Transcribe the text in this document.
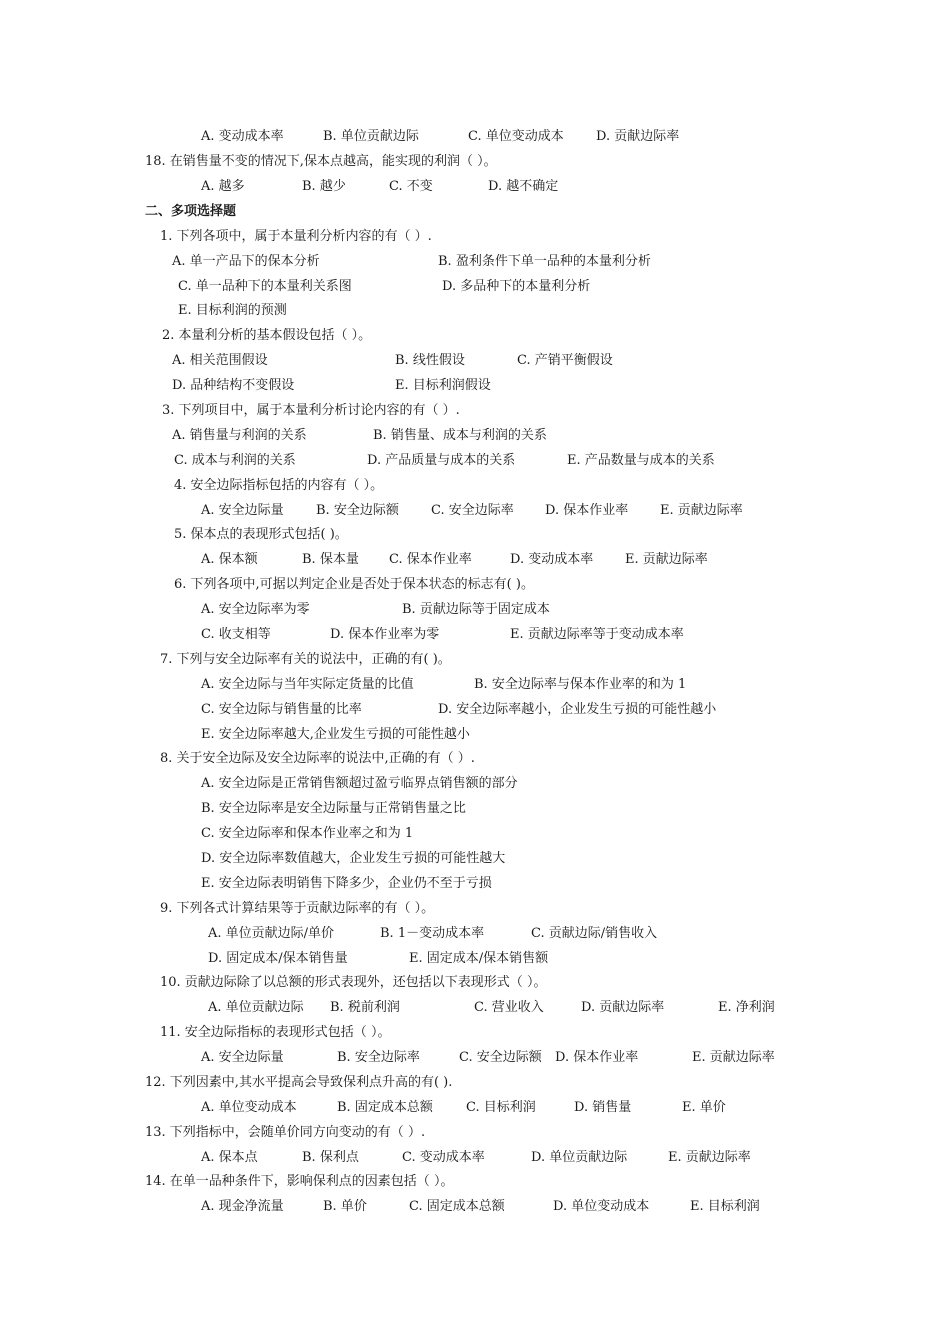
A. 变动成本率	B. 单位贡献边际	C. 单位变动成本 D. 贡献边际率
18. 在销售量不变的情况下,保本点越高，能实现的利润（ ）。
A. 越多	B. 越少	C. 不变	D. 越不确定
二、多项选择题
1. 下列各项中，属于本量利分析内容的有（ ）.
A. 单一产品下的保本分析	B. 盈利条件下单一品种的本量利分析
C. 单一品种下的本量利关系图	D. 多品种下的本量利分析
E. 目标利润的预测
2. 本量利分析的基本假设包括（ ）。
A. 相关范围假设	B. 线性假设	C. 产销平衡假设
D. 品种结构不变假设	E. 目标利润假设
3. 下列项目中，属于本量利分析讨论内容的有（ ）.
A. 销售量与利润的关系	B. 销售量、成本与利润的关系
C. 成本与利润的关系	D. 产品质量与成本的关系	E. 产品数量与成本的关系
4. 安全边际指标包括的内容有（ ）。
A. 安全边际量 B. 安全边际额 C. 安全边际率 D. 保本作业率 E. 贡献边际率
5. 保本点的表现形式包括( )。
A. 保本额	B. 保本量 C. 保本作业率	D. 变动成本率 E. 贡献边际率
6. 下列各项中,可据以判定企业是否处于保本状态的标志有( )。
A. 安全边际率为零	B. 贡献边际等于固定成本
C. 收支相等	D. 保本作业率为零	E. 贡献边际率等于变动成本率
7. 下列与安全边际率有关的说法中，正确的有( )。
A. 安全边际与当年实际定货量的比值	B. 安全边际率与保本作业率的和为 1
C. 安全边际与销售量的比率	D. 安全边际率越小，企业发生亏损的可能性越小
E. 安全边际率越大,企业发生亏损的可能性越小
8. 关于安全边际及安全边际率的说法中,正确的有（ ）.
A. 安全边际是正常销售额超过盈亏临界点销售额的部分
B. 安全边际率是安全边际量与正常销售量之比
C. 安全边际率和保本作业率之和为 1
D. 安全边际率数值越大，企业发生亏损的可能性越大
E. 安全边际表明销售下降多少，企业仍不至于亏损
9. 下列各式计算结果等于贡献边际率的有（ ）。
A. 单位贡献边际/单价	B. 1－变动成本率	C. 贡献边际/销售收入
D. 固定成本/保本销售量	E. 固定成本/保本销售额
10. 贡献边际除了以总额的形式表现外，还包括以下表现形式（ ）。
A. 单位贡献边际 B. 税前利润	C. 营业收入	D. 贡献边际率	E. 净利润
11. 安全边际指标的表现形式包括（ ）。
A. 安全边际量	B. 安全边际率	C. 安全边际额 D. 保本作业率	E. 贡献边际率
12. 下列因素中,其水平提高会导致保利点升高的有( ).
A. 单位变动成本	B. 固定成本总额	C. 目标利润	D. 销售量	E. 单价
13. 下列指标中，会随单价同方向变动的有（ ）.
A. 保本点	B. 保利点	C. 变动成本率	D. 单位贡献边际	E. 贡献边际率
14. 在单一品种条件下，影响保利点的因素包括（ ）。
A. 现金净流量	B. 单价	C. 固定成本总额	D. 单位变动成本	E. 目标利润
